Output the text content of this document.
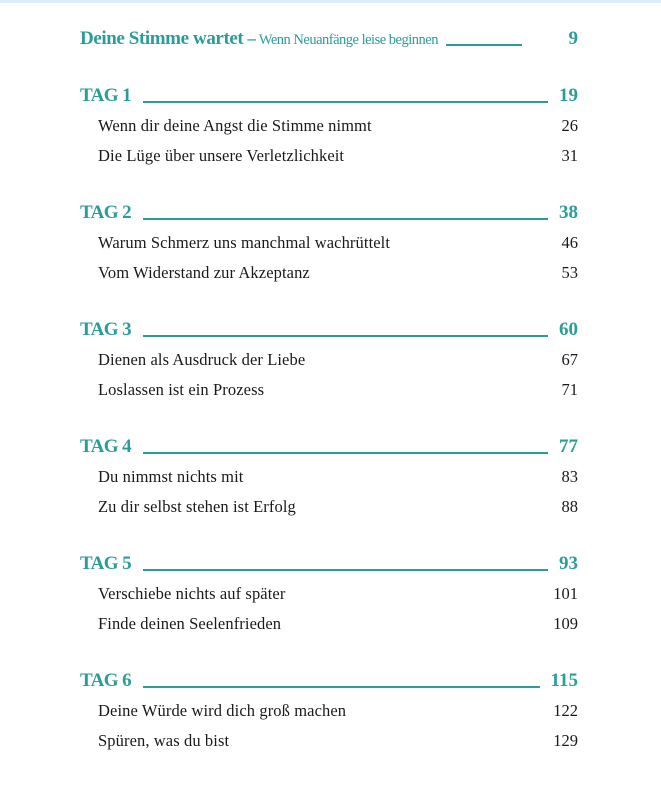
Deine Stimme wartet – Wenn Neuanfänge leise beginnen	9
TAG 1	19
Wenn dir deine Angst die Stimme nimmt	26
Die Lüge über unsere Verletzlichkeit	31
TAG 2	38
Warum Schmerz uns manchmal wachrüttelt	46
Vom Widerstand zur Akzeptanz	53
TAG 3	60
Dienen als Ausdruck der Liebe	67
Loslassen ist ein Prozess	71
TAG 4	77
Du nimmst nichts mit	83
Zu dir selbst stehen ist Erfolg	88
TAG 5	93
Verschiebe nichts auf später	101
Finde deinen Seelenfrieden	109
TAG 6	115
Deine Würde wird dich groß machen	122
Spüren, was du bist	129
